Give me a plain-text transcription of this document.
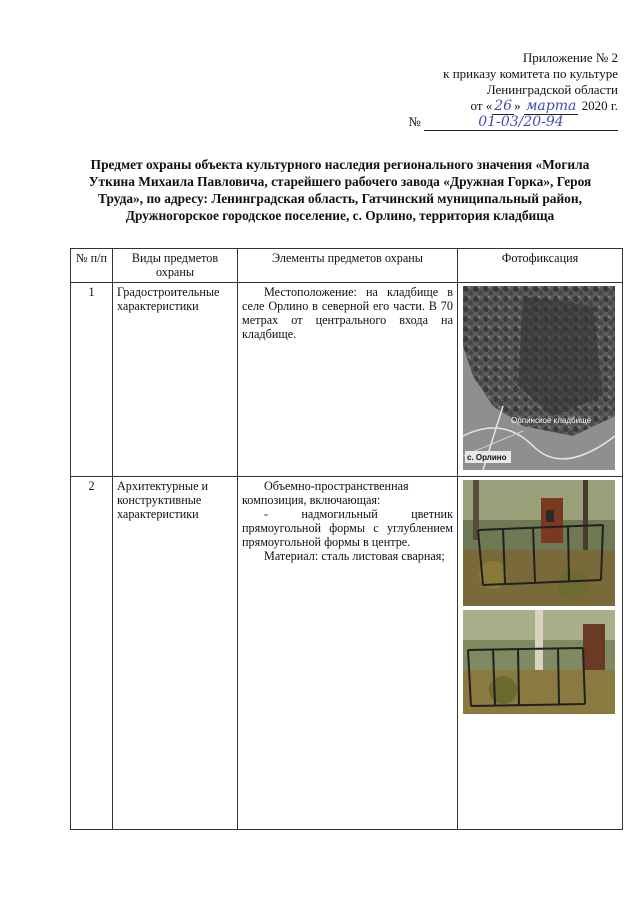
Приложение № 2
к приказу комитета по культуре
Ленинградской области
от « 26 » марта 2020 г.
№	01-03/20-94
Предмет охраны объекта культурного наследия регионального значения «Могила Уткина Михаила Павловича, старейшего рабочего завода «Дружная Горка», Героя Труда», по адресу: Ленинградская область, Гатчинский муниципальный район, Дружногорское городское поселение, с. Орлино, территория кладбища
№ п/п	Виды предметов охраны	Элементы предметов охраны	Фотофиксация
1	Градостроительные характеристики	Местоположение: на кладбище в селе Орлино в северной его части. В 70 метрах от центрального входа на кладбище.	Орлинское кладбище
с. Орлино

2	Архитектурные и конструктивные характеристики	Объемно-пространственная композиция, включающая:
- надмогильный цветник прямоугольной формы с углублением прямоугольной формы в центре.
Материал: сталь листовая сварная;
